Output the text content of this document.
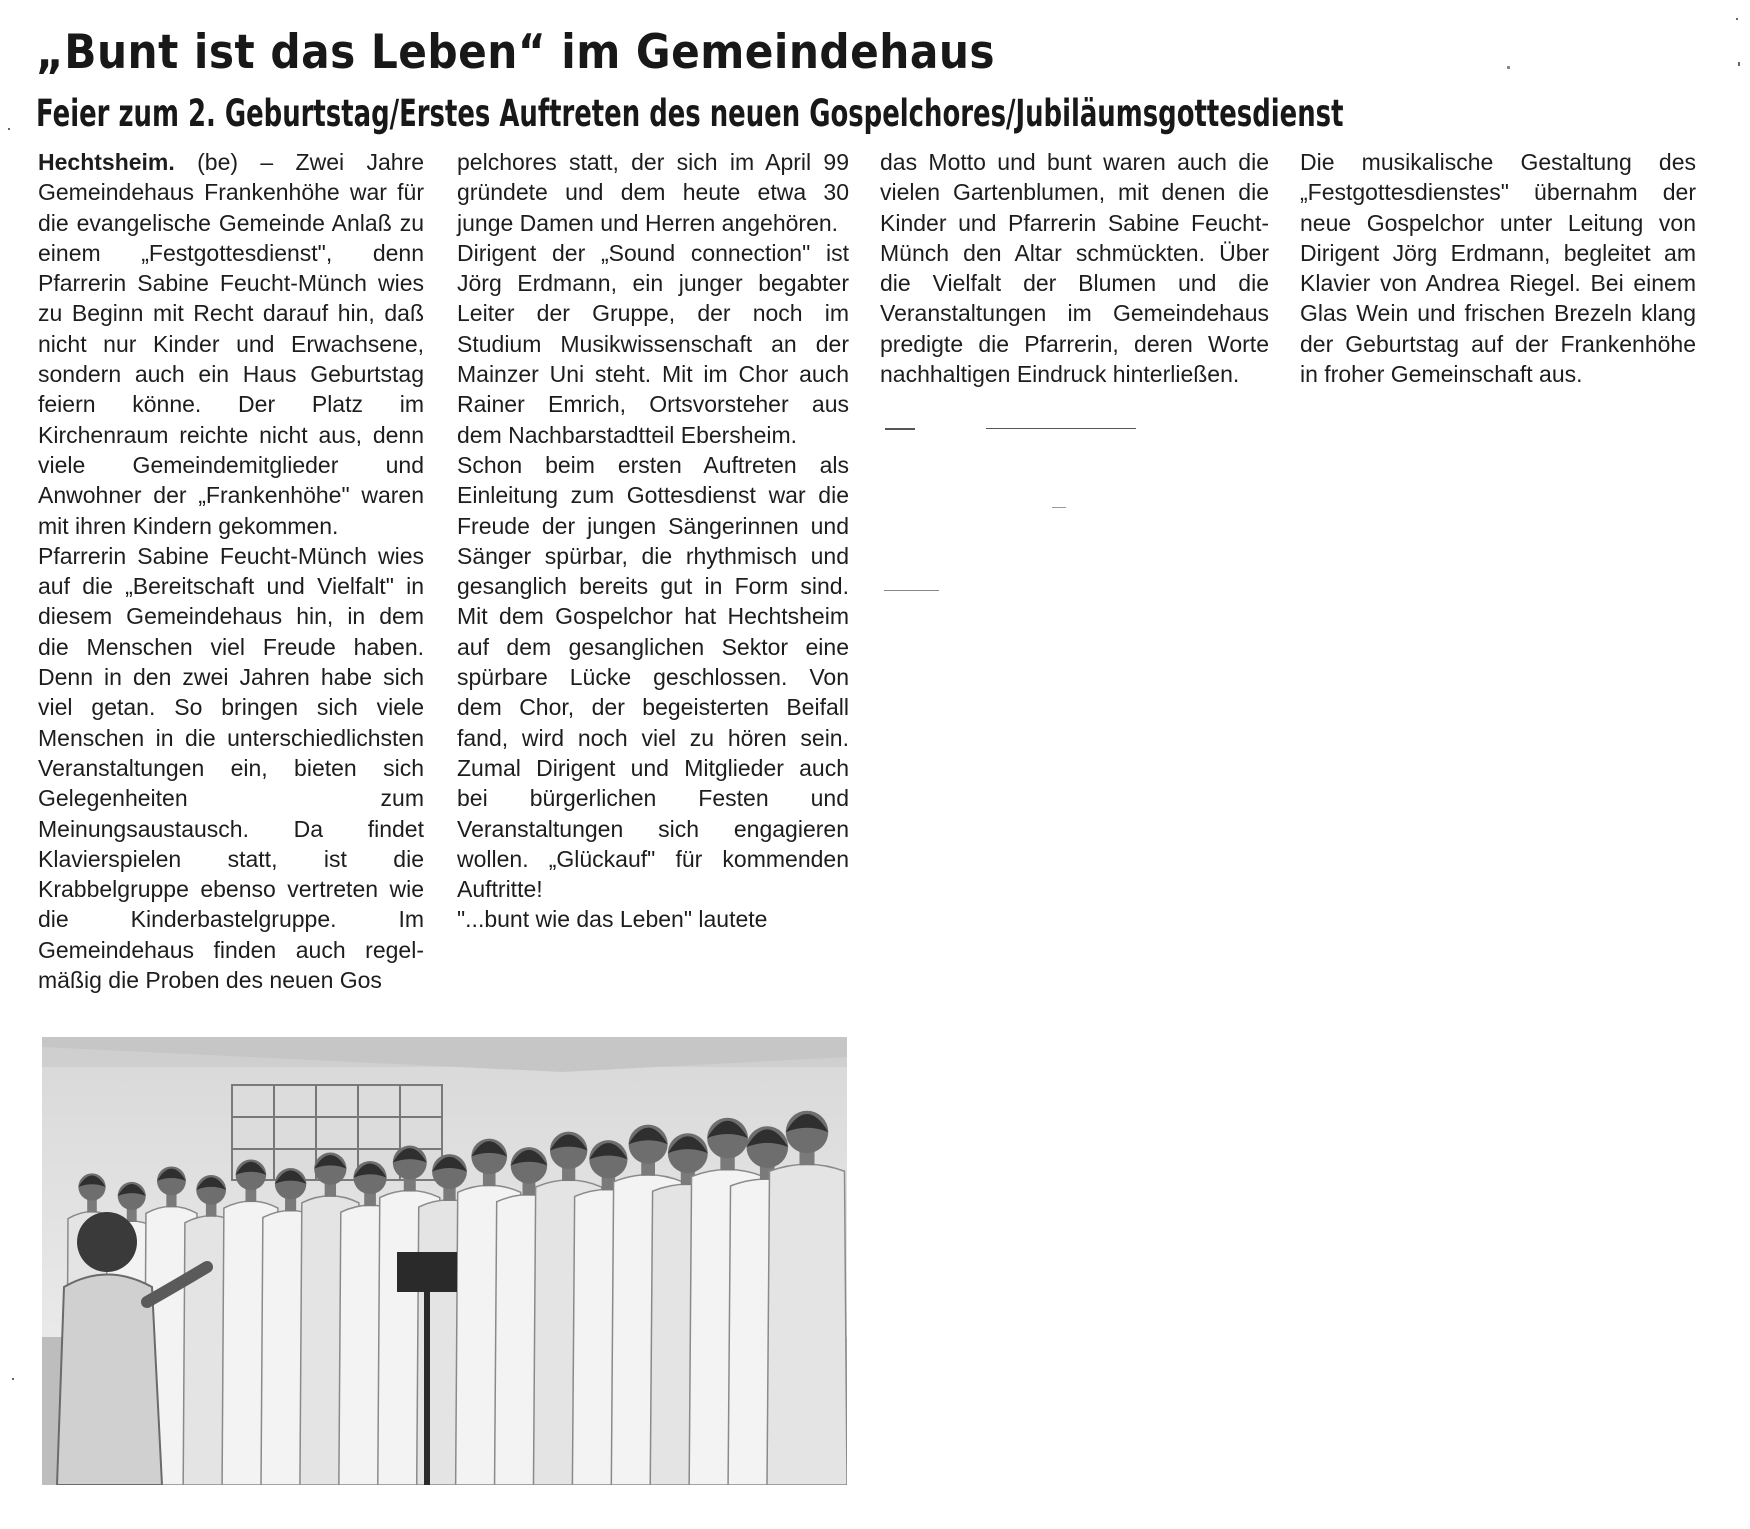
„Bunt ist das Leben“ im Gemeindehaus
Feier zum 2. Geburtstag/Erstes Auftreten des neuen Gospelchores/Jubiläumsgottesdienst

Hechtsheim. (be) – Zwei Jahre Gemeindehaus Frankenhöhe war für die evangelische Gemeinde Anlaß zu einem „Festgottesdienst", denn Pfarrerin Sabine Feucht-Münch wies zu Beginn mit Recht darauf hin, daß nicht nur Kinder und Erwachsene, sondern auch ein Haus Geburtstag feiern könne. Der Platz im Kirchenraum reichte nicht aus, denn viele Gemeindemitglieder und Anwohner der „Frankenhöhe" waren mit ihren Kindern gekommen.

Pfarrerin Sabine Feucht-Münch wies auf die „Bereitschaft und Vielfalt" in diesem Gemeindehaus hin, in dem die Menschen viel Freude haben. Denn in den zwei Jahren habe sich viel getan. So bringen sich viele Menschen in die unterschiedlichsten Veranstaltungen ein, bieten sich Gelegenheiten zum Meinungsaustausch. Da findet Klavierspielen statt, ist die Krabbelgruppe ebenso vertreten wie die Kinderbastelgruppe. Im Gemeindehaus finden auch regelmäßig die Proben des neuen Gos

pelchores statt, der sich im April 99 gründete und dem heute etwa 30 junge Damen und Herren angehören.

Dirigent der „Sound connection" ist Jörg Erdmann, ein junger begabter Leiter der Gruppe, der noch im Studium Musikwissenschaft an der Mainzer Uni steht. Mit im Chor auch Rainer Emrich, Ortsvorsteher aus dem Nachbarstadtteil Ebersheim.

Schon beim ersten Auftreten als Einleitung zum Gottesdienst war die Freude der jungen Sängerinnen und Sänger spürbar, die rhythmisch und gesanglich bereits gut in Form sind. Mit dem Gospelchor hat Hechtsheim auf dem gesanglichen Sektor eine spürbare Lücke geschlossen. Von dem Chor, der begeisterten Beifall fand, wird noch viel zu hören sein. Zumal Dirigent und Mitglieder auch bei bürgerlichen Festen und Veranstaltungen sich engagieren wollen. „Glückauf" für kommenden Auftritte!

"...bunt wie das Leben" lautete

das Motto und bunt waren auch die vielen Gartenblumen, mit denen die Kinder und Pfarrerin Sabine Feucht-Münch den Altar schmückten. Über die Vielfalt der Blumen und die Veranstaltungen im Gemeindehaus predigte die Pfarrerin, deren Worte nachhaltigen Eindruck hinterließen.

Die musikalische Gestaltung des „Festgottesdienstes" übernahm der neue Gospelchor unter Leitung von Dirigent Jörg Erdmann, begleitet am Klavier von Andrea Riegel. Bei einem Glas Wein und frischen Brezeln klang der Geburtstag auf der Frankenhöhe in froher Gemeinschaft aus.
